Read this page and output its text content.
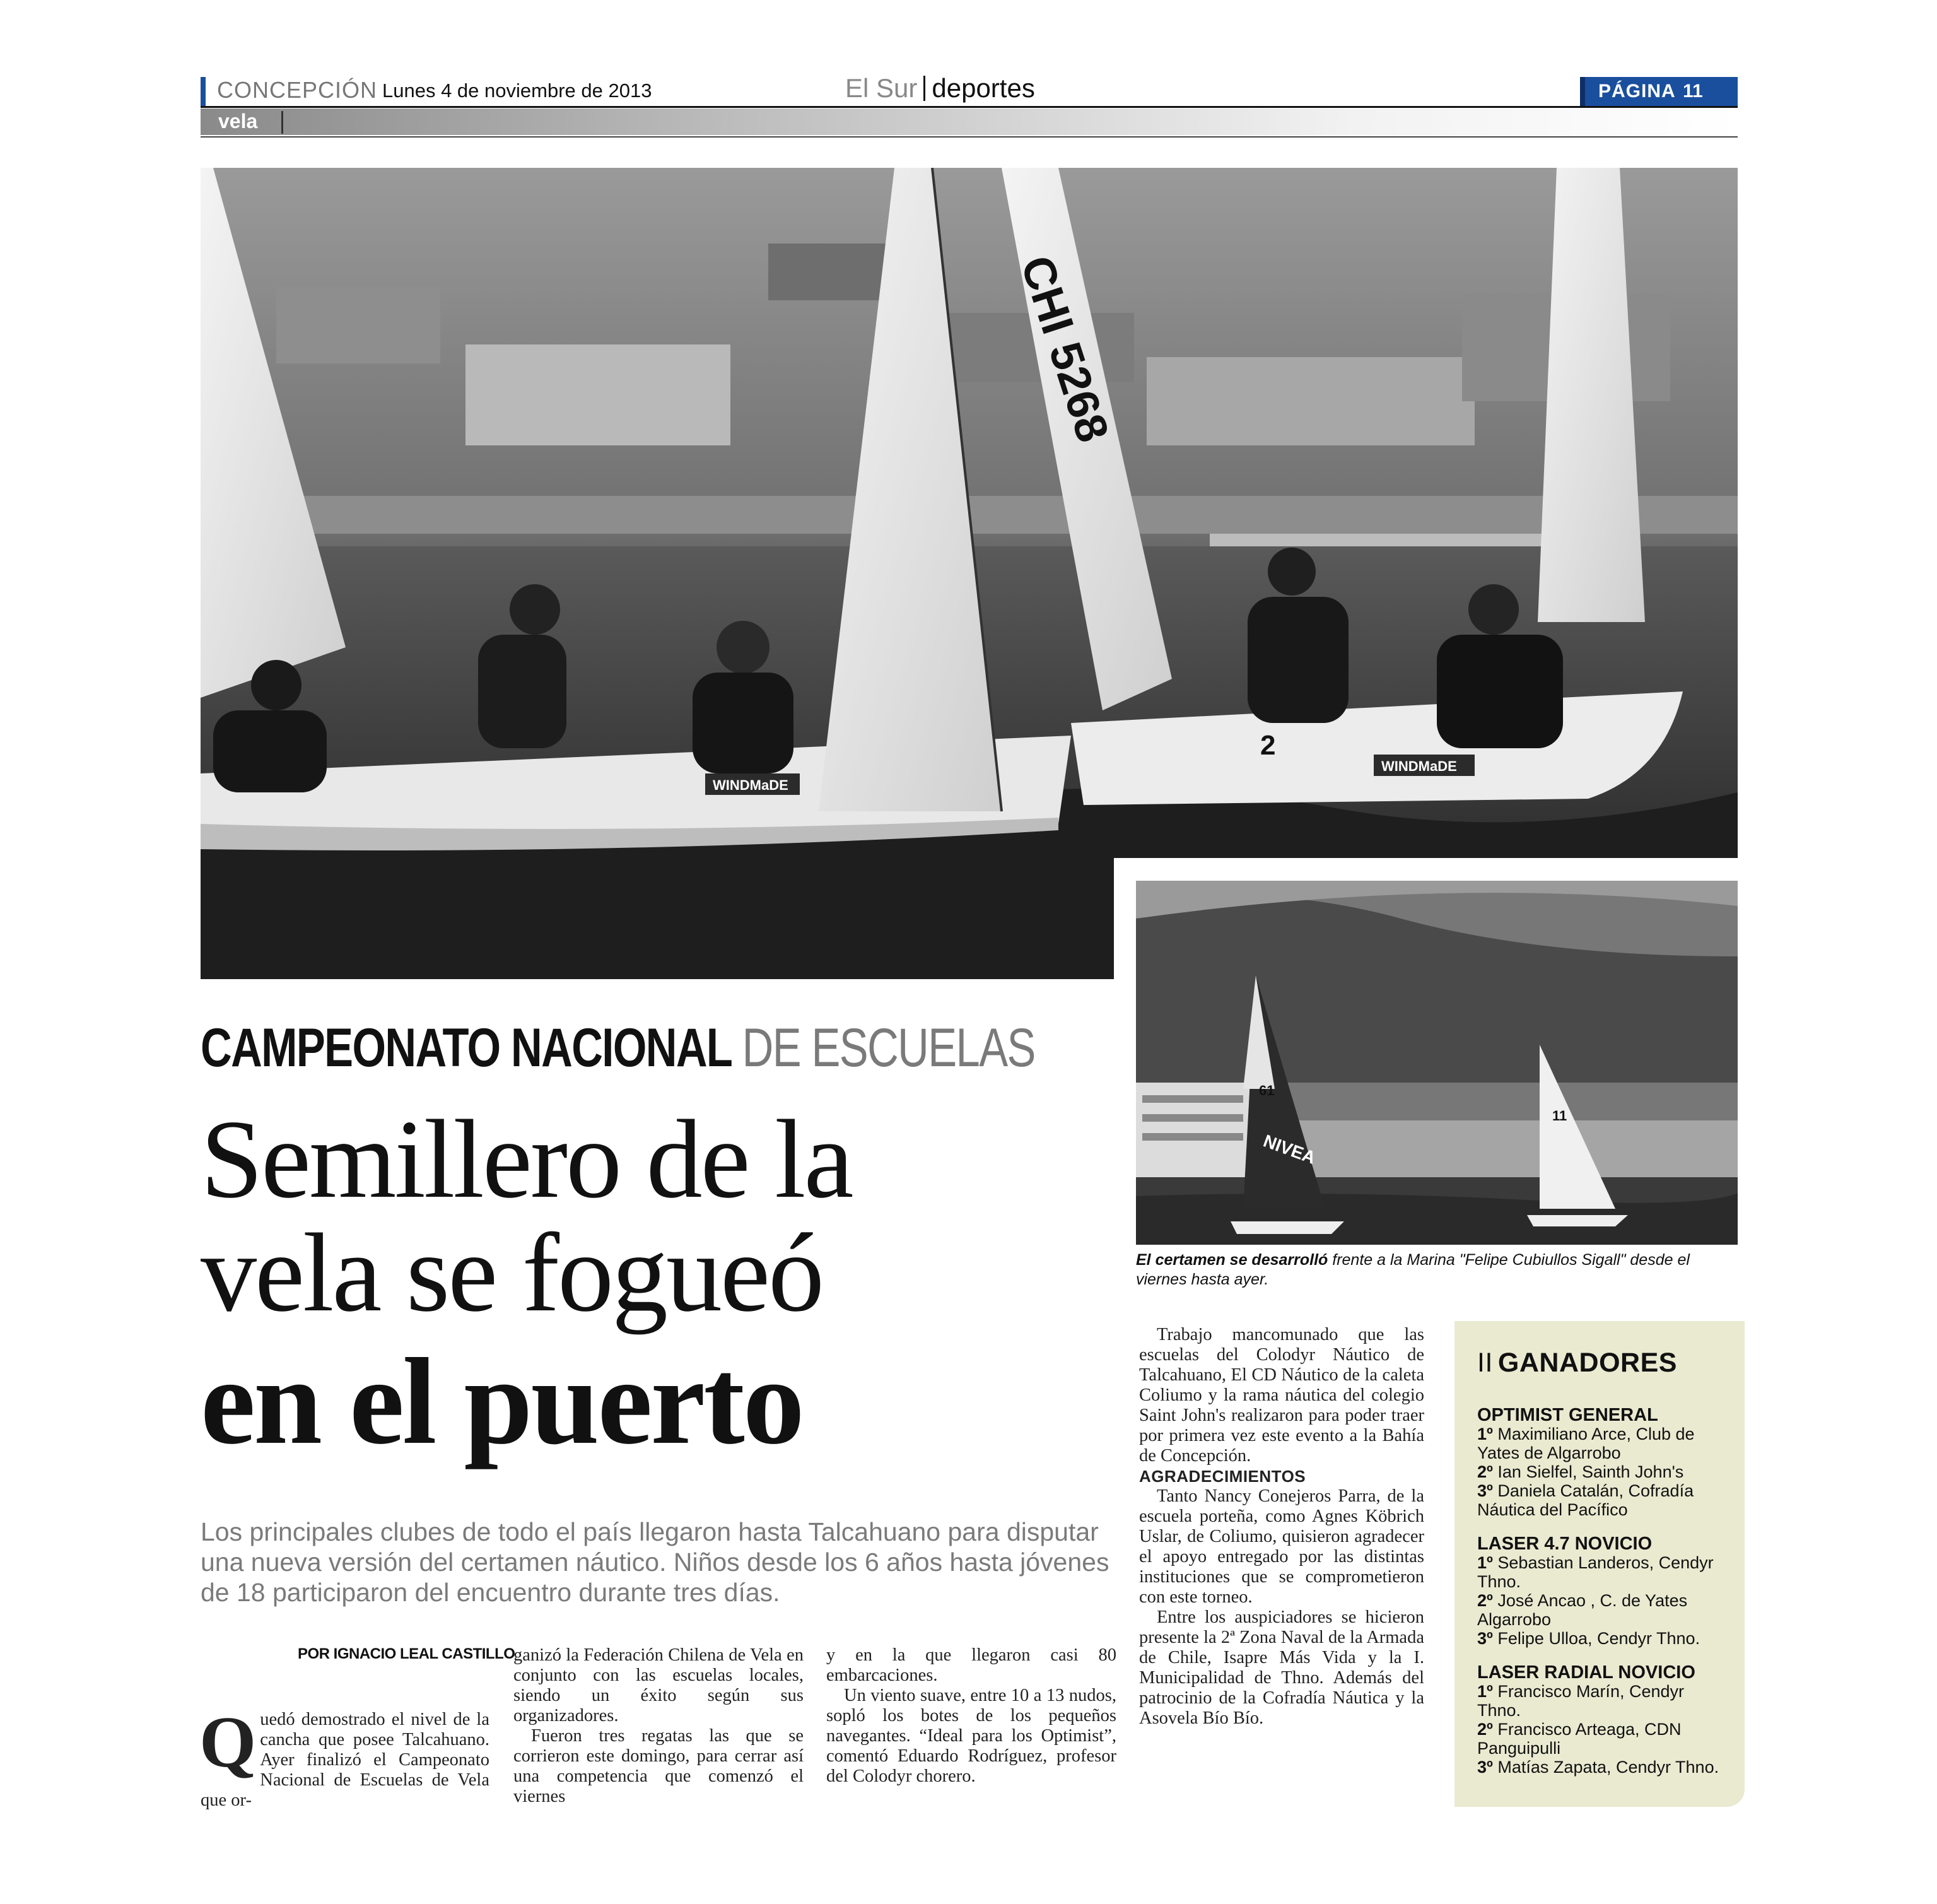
CONCEPCIÓN Lunes 4 de noviembre de 2013	El Sur deportes	PÁGINA 11
vela
WINDMaDE
CHI 5268
WINDMaDE
2
NIVEA
61
11
El certamen se desarrolló frente a la Marina "Felipe Cubiullos Sigall" desde el viernes hasta ayer.
CAMPEONATO NACIONAL DE ESCUELAS
Semillero de la
vela se fogueó
en el puerto
Los principales clubes de todo el país llegaron hasta Talcahuano para disputar una nueva versión del certamen náutico. Niños desde los 6 años hasta jóvenes de 18 participaron del encuentro durante tres días.
POR IGNACIO LEAL CASTILLO
Q uedó demostrado el nivel de la cancha que posee Talcahuano. Ayer finalizó el Campeonato Nacional de Escuelas de Vela que or-

ganizó la Federación Chilena de Vela en conjunto con las escuelas locales, siendo un éxito según sus organizadores.

Fueron tres regatas las que se corrieron este domingo, para cerrar así una competencia que comenzó el viernes

y en la que llegaron casi 80 embarcaciones.

Un viento suave, entre 10 a 13 nudos, sopló los botes de los pequeños navegantes. “Ideal para los Optimist”, comentó Eduardo Rodríguez, profesor del Colodyr chorero.

Trabajo mancomunado que las escuelas del Colodyr Náutico de Talcahuano, El CD Náutico de la caleta Coliumo y la rama náutica del colegio Saint John's realizaron para poder traer por primera vez este evento a la Bahía de Concepción.

AGRADECIMIENTOS

Tanto Nancy Conejeros Parra, de la escuela porteña, como Agnes Köbrich Uslar, de Coliumo, quisieron agradecer el apoyo entregado por las distintas instituciones que se comprometieron con este torneo.

Entre los auspiciadores se hicieron presente la 2ª Zona Naval de la Armada de Chile, Isapre Más Vida y la I. Municipalidad de Thno. Además del patrocinio de la Cofradía Náutica y la Asovela Bío Bío.

II GANADORES
OPTIMIST GENERAL
1º Maximiliano Arce, Club de Yates de Algarrobo
2º Ian Sielfel, Sainth John's
3º Daniela Catalán, Cofradía Náutica del Pacífico
LASER 4.7 NOVICIO
1º Sebastian Landeros, Cendyr Thno.
2º José Ancao , C. de Yates Algarrobo
3º Felipe Ulloa, Cendyr Thno.
LASER RADIAL NOVICIO
1º Francisco Marín, Cendyr Thno.
2º Francisco Arteaga, CDN Panguipulli
3º Matías Zapata, Cendyr Thno.
